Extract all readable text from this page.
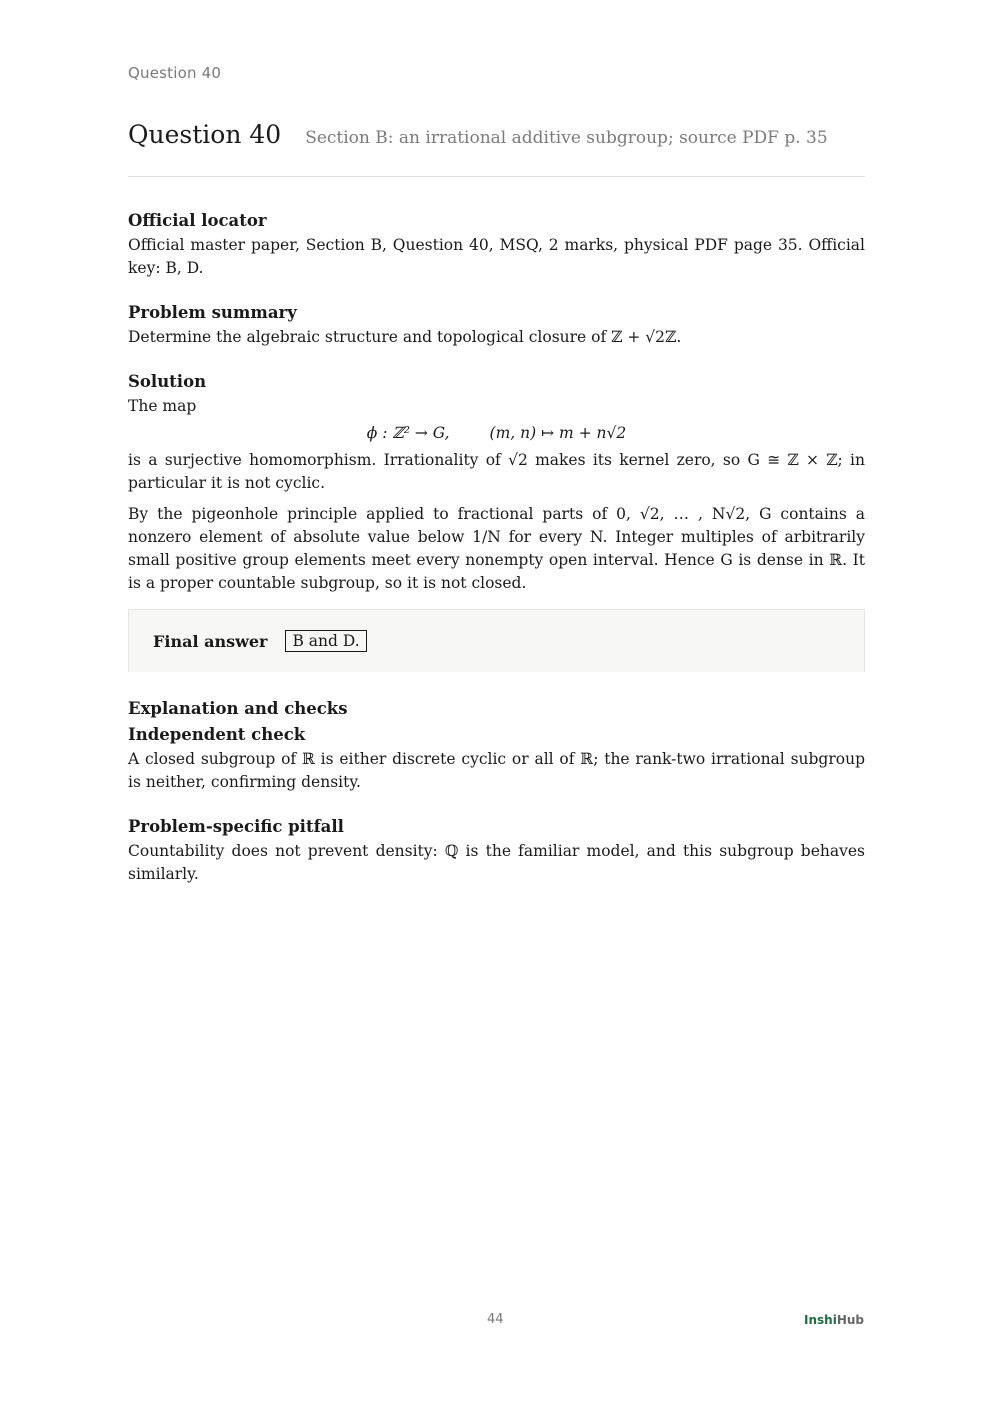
Question 40
Question 40 Section B: an irrational additive subgroup; source PDF p. 35
Official locator

Official master paper, Section B, Question 40, MSQ, 2 marks, physical PDF page 35. Official key: B, D.

Problem summary

Determine the algebraic structure and topological closure of ℤ + √2ℤ.

Solution

The map

ϕ : ℤ² → G,	(m, n) ↦ m + n√2

is a surjective homomorphism. Irrationality of √2 makes its kernel zero, so G ≅ ℤ × ℤ; in particular it is not cyclic.

By the pigeonhole principle applied to fractional parts of 0, √2, … , N√2, G contains a nonzero element of absolute value below 1/N for every N. Integer multiples of arbitrarily small positive group elements meet every nonempty open interval. Hence G is dense in ℝ. It is a proper countable subgroup, so it is not closed.

Final answer	B and D.
Explanation and checks
Independent check

A closed subgroup of ℝ is either discrete cyclic or all of ℝ; the rank-two irrational subgroup is neither, confirming density.

Problem-specific pitfall

Countability does not prevent density: ℚ is the familiar model, and this subgroup behaves similarly.

44	InshiHub
